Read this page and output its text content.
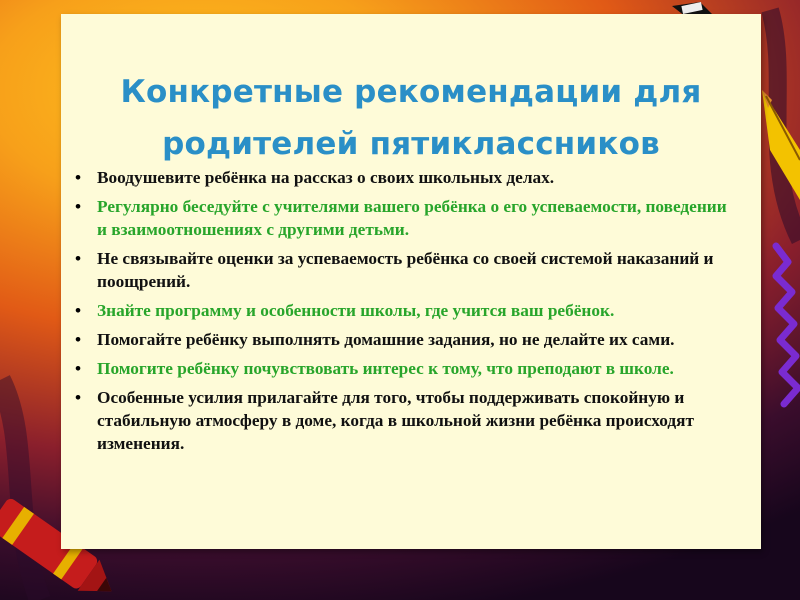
Конкретные рекомендации для
родителей пятиклассников
• Воодушевите ребёнка на рассказ о своих школьных делах.
• Регулярно беседуйте с учителями вашего ребёнка о его успеваемости, поведении и взаимоотношениях с другими детьми.
• Не связывайте оценки за успеваемость ребёнка со своей системой наказаний и поощрений.
• Знайте программу и особенности школы, где учится ваш ребёнок.
• Помогайте ребёнку выполнять домашние задания, но не делайте их сами.
• Помогите ребёнку почувствовать интерес к тому, что преподают в школе.
• Особенные усилия прилагайте для того, чтобы поддерживать спокойную и стабильную атмосферу в доме, когда в школьной жизни ребёнка происходят изменения.
